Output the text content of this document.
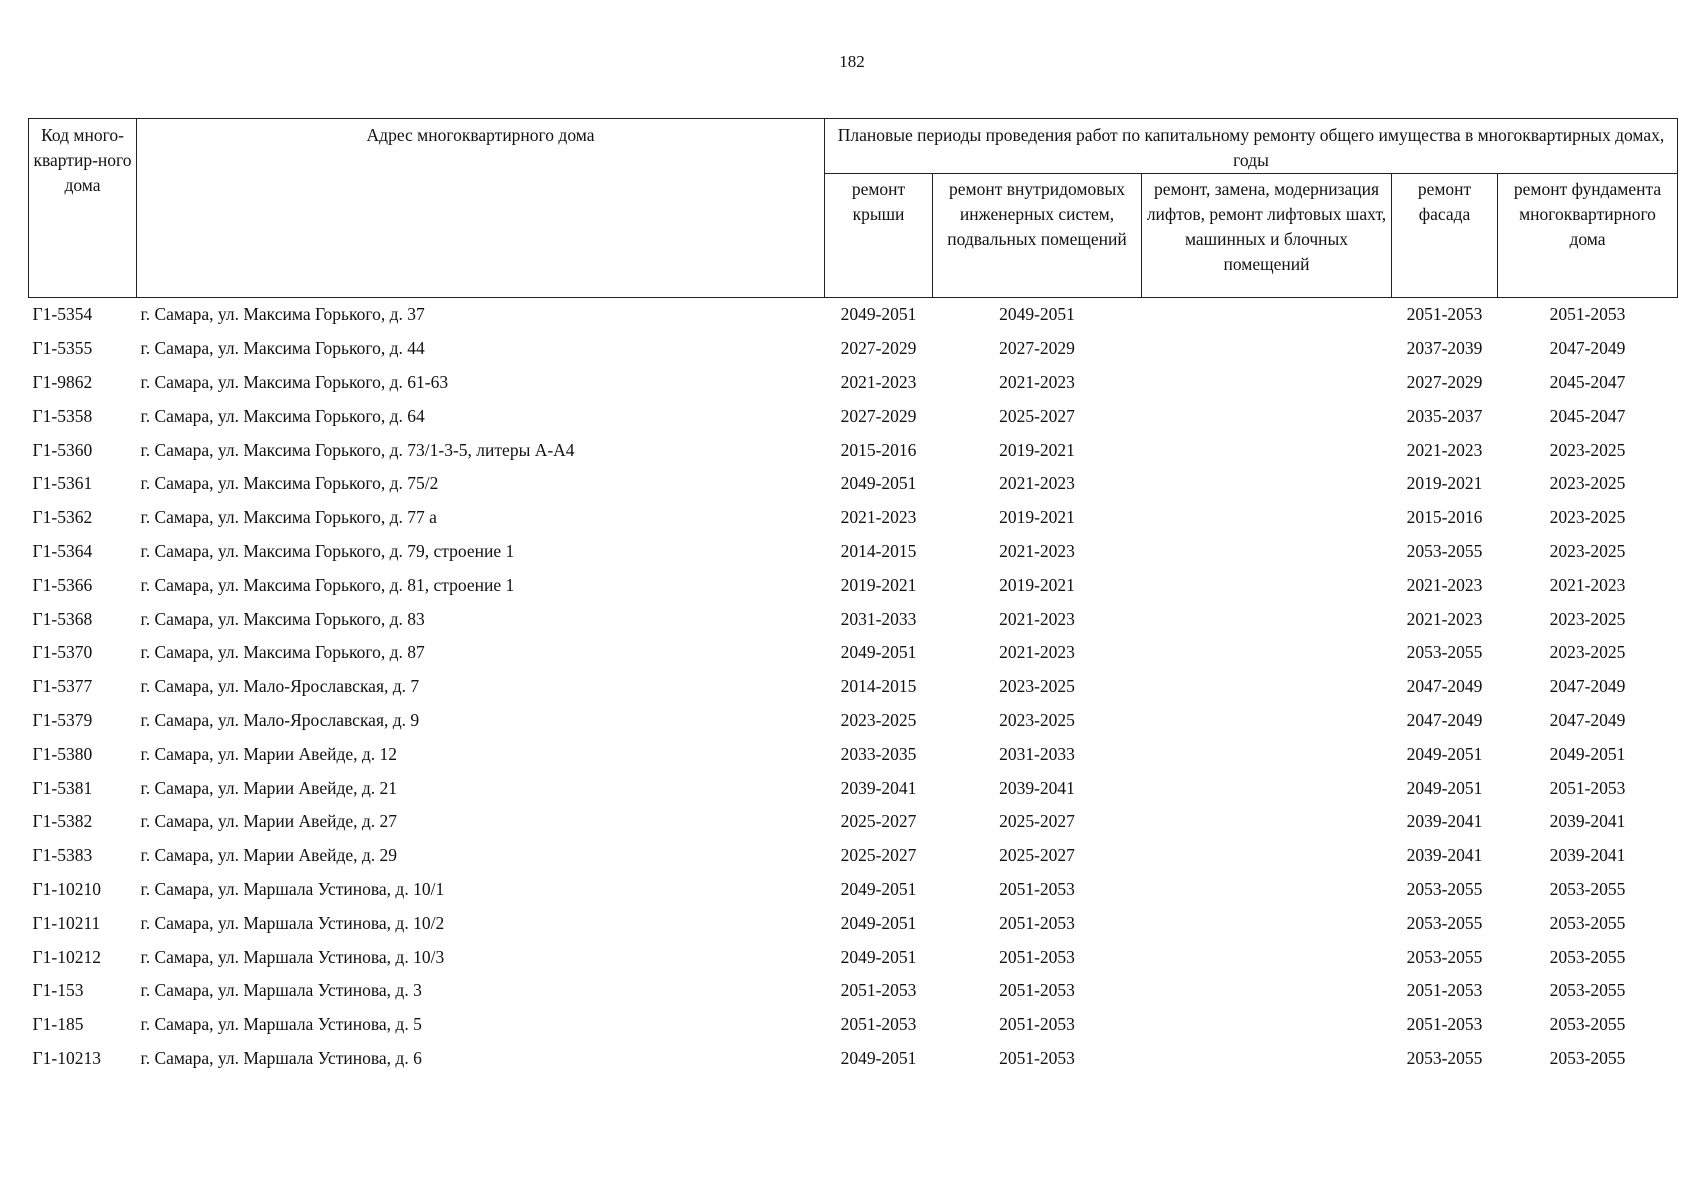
182
Код много-квартир-ного дома	Адрес многоквартирного дома	Плановые периоды проведения работ по капитальному ремонту общего имущества в многоквартирных домах, годы				
		ремонт крыши	ремонт внутридомовых инженерных систем, подвальных помещений	ремонт, замена, модернизация лифтов, ремонт лифтовых шахт, машинных и блочных помещений	ремонт фасада	ремонт фундамента многоквартирного дома
Г1-5354	г. Самара, ул. Максима Горького, д. 37	2049-2051	2049-2051		2051-2053	2051-2053
Г1-5355	г. Самара, ул. Максима Горького, д. 44	2027-2029	2027-2029		2037-2039	2047-2049
Г1-9862	г. Самара, ул. Максима Горького, д. 61-63	2021-2023	2021-2023		2027-2029	2045-2047
Г1-5358	г. Самара, ул. Максима Горького, д. 64	2027-2029	2025-2027		2035-2037	2045-2047
Г1-5360	г. Самара, ул. Максима Горького, д. 73/1-3-5, литеры А-А4	2015-2016	2019-2021		2021-2023	2023-2025
Г1-5361	г. Самара, ул. Максима Горького, д. 75/2	2049-2051	2021-2023		2019-2021	2023-2025
Г1-5362	г. Самара, ул. Максима Горького, д. 77 а	2021-2023	2019-2021		2015-2016	2023-2025
Г1-5364	г. Самара, ул. Максима Горького, д. 79, строение 1	2014-2015	2021-2023		2053-2055	2023-2025
Г1-5366	г. Самара, ул. Максима Горького, д. 81, строение 1	2019-2021	2019-2021		2021-2023	2021-2023
Г1-5368	г. Самара, ул. Максима Горького, д. 83	2031-2033	2021-2023		2021-2023	2023-2025
Г1-5370	г. Самара, ул. Максима Горького, д. 87	2049-2051	2021-2023		2053-2055	2023-2025
Г1-5377	г. Самара, ул. Мало-Ярославская, д. 7	2014-2015	2023-2025		2047-2049	2047-2049
Г1-5379	г. Самара, ул. Мало-Ярославская, д. 9	2023-2025	2023-2025		2047-2049	2047-2049
Г1-5380	г. Самара, ул. Марии Авейде, д. 12	2033-2035	2031-2033		2049-2051	2049-2051
Г1-5381	г. Самара, ул. Марии Авейде, д. 21	2039-2041	2039-2041		2049-2051	2051-2053
Г1-5382	г. Самара, ул. Марии Авейде, д. 27	2025-2027	2025-2027		2039-2041	2039-2041
Г1-5383	г. Самара, ул. Марии Авейде, д. 29	2025-2027	2025-2027		2039-2041	2039-2041
Г1-10210	г. Самара, ул. Маршала Устинова, д. 10/1	2049-2051	2051-2053		2053-2055	2053-2055
Г1-10211	г. Самара, ул. Маршала Устинова, д. 10/2	2049-2051	2051-2053		2053-2055	2053-2055
Г1-10212	г. Самара, ул. Маршала Устинова, д. 10/3	2049-2051	2051-2053		2053-2055	2053-2055
Г1-153	г. Самара, ул. Маршала Устинова, д. 3	2051-2053	2051-2053		2051-2053	2053-2055
Г1-185	г. Самара, ул. Маршала Устинова, д. 5	2051-2053	2051-2053		2051-2053	2053-2055
Г1-10213	г. Самара, ул. Маршала Устинова, д. 6	2049-2051	2051-2053		2053-2055	2053-2055
